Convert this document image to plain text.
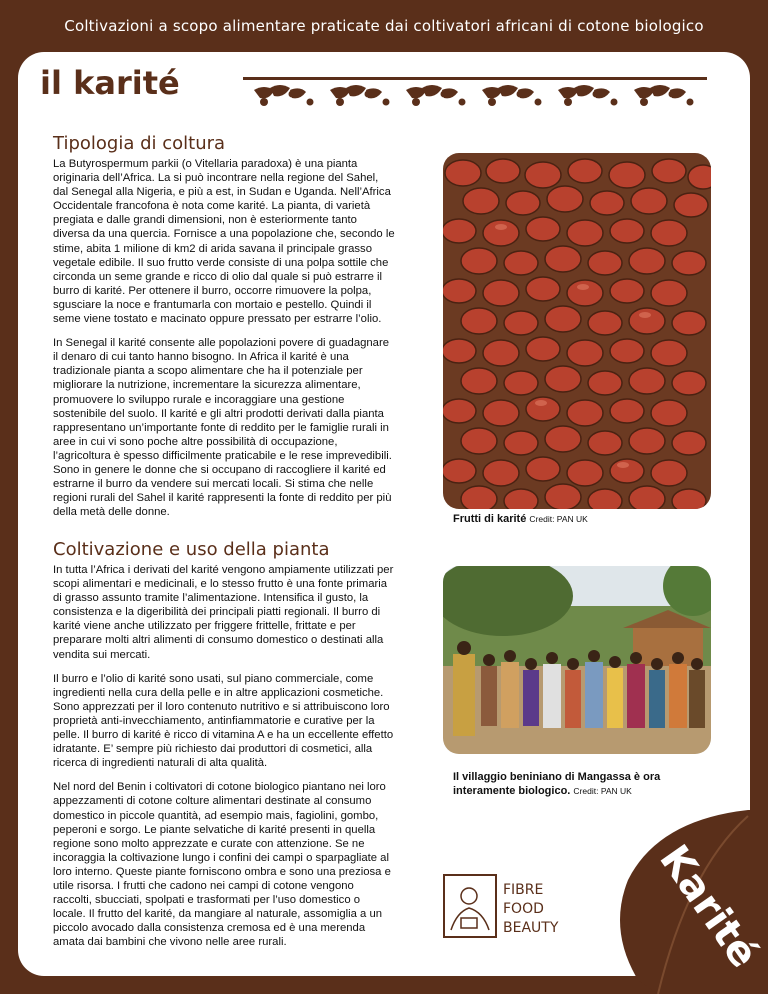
Coltivazioni a scopo alimentare praticate dai coltivatori africani di cotone biologico
il karité
Tipologia di coltura

La Butyrospermum parkii (o Vitellaria paradoxa) è una pianta originaria dell’Africa. La si può incontrare nella regione del Sahel, dal Senegal alla Nigeria, e più a est, in Sudan e Uganda. Nell’Africa Occidentale francofona è nota come karité. La pianta, di varietà pregiata e dalle grandi dimensioni, non è esteriormente tanto diversa da una quercia. Fornisce a una popolazione che, secondo le stime, abita 1 milione di km2 di arida savana il principale grasso vegetale edibile. Il suo frutto verde consiste di una polpa sottile che circonda un seme grande e ricco di olio dal quale si può estrarre il burro di karité. Per ottenere il burro, occorre rimuovere la polpa, sgusciare la noce e frantumarla con mortaio e pestello. Quindi il seme viene tostato e macinato oppure pressato per estrarre l’olio.

In Senegal il karité consente alle popolazioni povere di guadagnare il denaro di cui tanto hanno bisogno. In Africa il karité è una tradizionale pianta a scopo alimentare che ha il potenziale per migliorare la nutrizione, incrementare la sicurezza alimentare, promuovere lo sviluppo rurale e incoraggiare una gestione sostenibile del suolo. Il karité e gli altri prodotti derivati dalla pianta rappresentano un’importante fonte di reddito per le famiglie rurali in aree in cui vi sono poche altre possibilità di occupazione, l’agricoltura è spesso difficilmente praticabile e le rese imprevedibili. Sono in genere le donne che si occupano di raccogliere il karité ed estrarne il burro da vendere sui mercati locali. Si stima che nelle regioni rurali del Sahel il karité rappresenti la fonte di reddito per più della metà delle donne.

Coltivazione e uso della pianta

In tutta l’Africa i derivati del karité vengono ampiamente utilizzati per scopi alimentari e medicinali, e lo stesso frutto è una fonte primaria di grasso assunto tramite l’alimentazione. Intensifica il gusto, la consistenza e la digeribilità dei principali piatti regionali. Il burro di karité viene anche utilizzato per friggere frittelle, frittate e per preparare molti altri alimenti di consumo domestico o destinati alla vendita sui mercati.

Il burro e l’olio di karité sono usati, sul piano commerciale, come ingredienti nella cura della pelle e in altre applicazioni cosmetiche. Sono apprezzati per il loro contenuto nutritivo e si attribuiscono loro proprietà anti-invecchiamento, antinfiammatorie e curative per la pelle. Il burro di karité è ricco di vitamina A e ha un eccellente effetto idratante. E’ sempre più richiesto dai produttori di cosmetici, alla ricerca di ingredienti naturali di alta qualità.

Nel nord del Benin i coltivatori di cotone biologico piantano nei loro appezzamenti di cotone colture alimentari destinate al consumo domestico in piccole quantità, ad esempio mais, fagiolini, gombo, peperoni e sorgo. Le piante selvatiche di karité presenti in quella regione sono molto apprezzate e curate con attenzione. Se ne incoraggia la coltivazione lungo i confini dei campi o sparpagliate al loro interno. Queste piante forniscono ombra e sono una preziosa e utile risorsa. I frutti che cadono nei campi di cotone vengono raccolti, sbucciati, spolpati e trasformati per l’uso domestico o locale. Il frutto del karité, da mangiare al naturale, assomiglia a un piccolo avocado dalla consistenza cremosa ed è una merenda amata dai bambini che vivono nelle aree rurali.

Frutti di karité Credit: PAN UK
Il villaggio beniniano di Mangassa è ora
interamente biologico. Credit: PAN UK
FIBRE
FOOD
BEAUTY Karité
